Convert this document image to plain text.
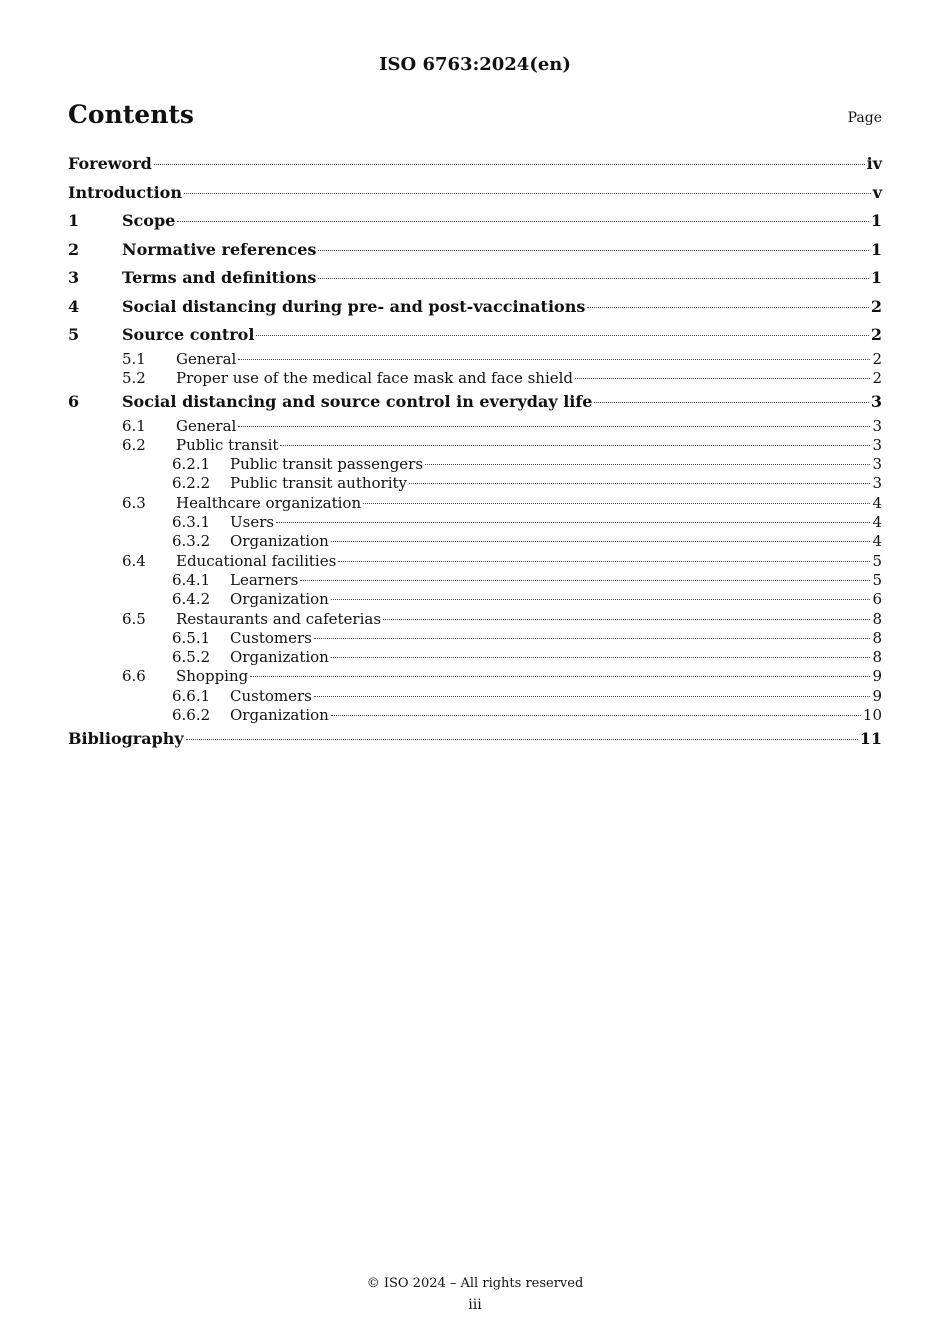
ISO 6763:2024(en)
Contents	Page
Foreword	iv
Introduction	v
1	Scope	1
2	Normative references	1
3	Terms and definitions	1
4	Social distancing during pre- and post-vaccinations	2
5	Source control	2
5.1	General	2
5.2	Proper use of the medical face mask and face shield	2
6	Social distancing and source control in everyday life	3
6.1	General	3
6.2	Public transit	3
6.2.1	Public transit passengers	3
6.2.2	Public transit authority	3
6.3	Healthcare organization	4
6.3.1	Users	4
6.3.2	Organization	4
6.4	Educational facilities	5
6.4.1	Learners	5
6.4.2	Organization	6
6.5	Restaurants and cafeterias	8
6.5.1	Customers	8
6.5.2	Organization	8
6.6	Shopping	9
6.6.1	Customers	9
6.6.2	Organization	10
Bibliography	11
© ISO 2024 – All rights reserved
iii
